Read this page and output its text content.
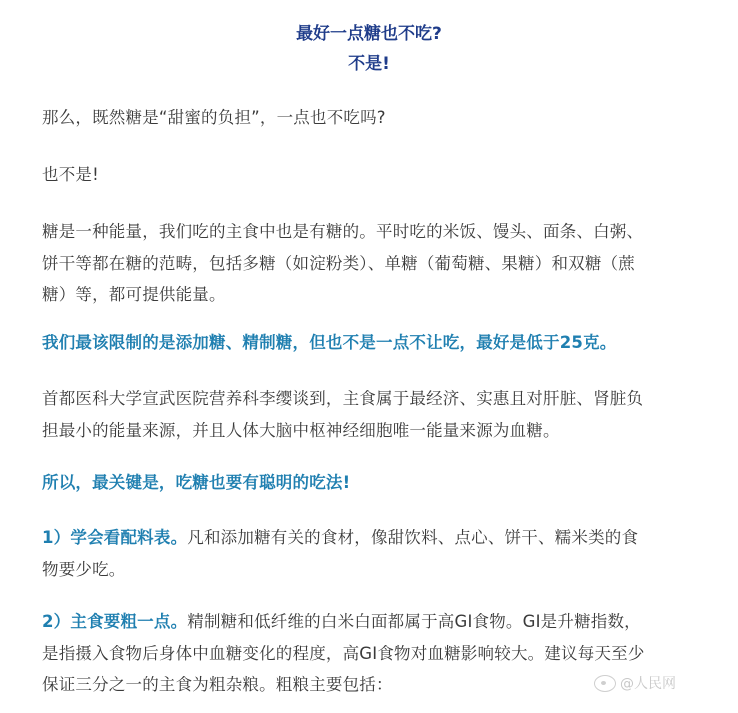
最好一点糖也不吃?
不是!
那么，既然糖是“甜蜜的负担”，一点也不吃吗?
也不是!
糖是一种能量，我们吃的主食中也是有糖的。平时吃的米饭、馒头、面条、白粥、
饼干等都在糖的范畴，包括多糖（如淀粉类）、单糖（葡萄糖、果糖）和双糖（蔗
糖）等，都可提供能量。
我们最该限制的是添加糖、精制糖，但也不是一点不让吃，最好是低于25克。
首都医科大学宣武医院营养科李缨谈到，主食属于最经济、实惠且对肝脏、肾脏负
担最小的能量来源，并且人体大脑中枢神经细胞唯一能量来源为血糖。
所以，最关键是，吃糖也要有聪明的吃法!
1）学会看配料表。凡和添加糖有关的食材，像甜饮料、点心、饼干、糯米类的食
物要少吃。
2）主食要粗一点。精制糖和低纤维的白米白面都属于高GI食物。GI是升糖指数，
是指摄入食物后身体中血糖变化的程度，高GI食物对血糖影响较大。建议每天至少
保证三分之一的主食为粗杂粮。粗粮主要包括：	@人民网
